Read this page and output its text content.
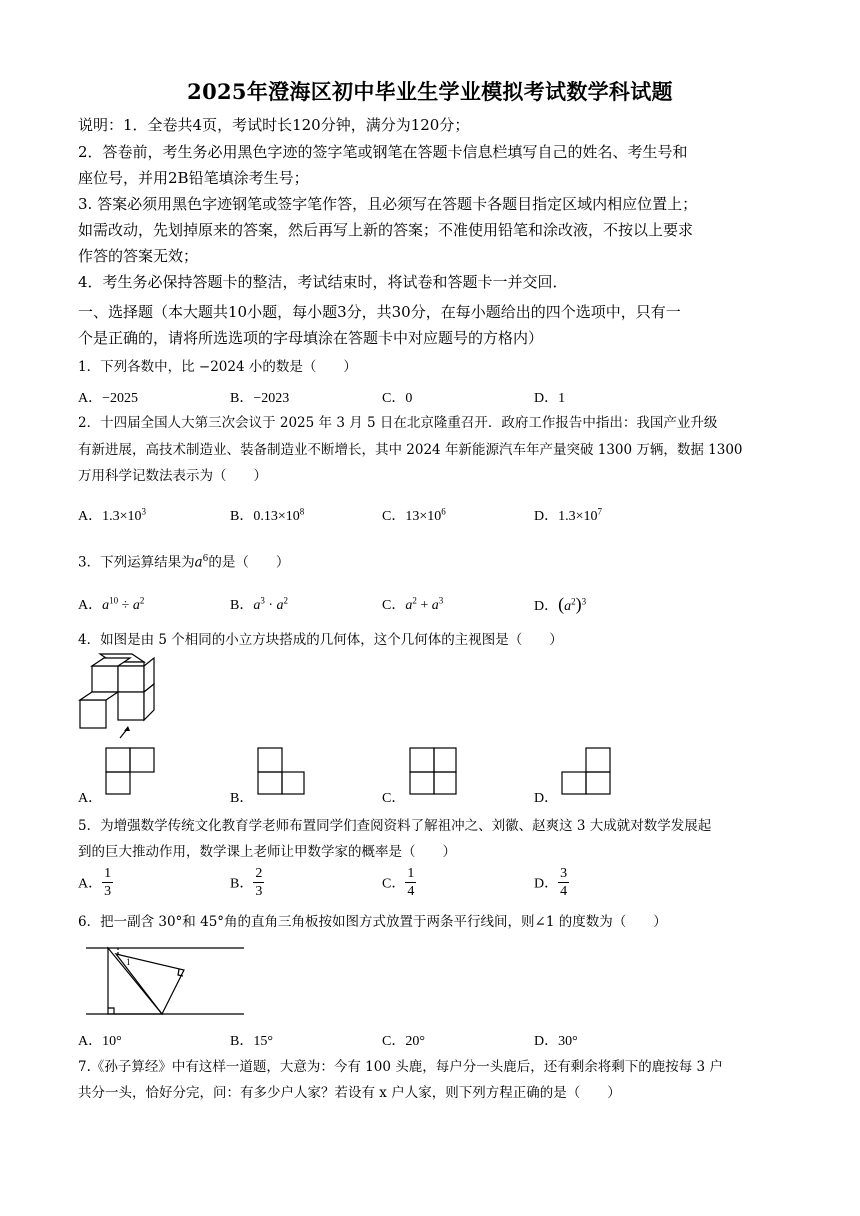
2025年澄海区初中毕业生学业模拟考试数学科试题
说明：1．全卷共4页，考试时长120分钟，满分为120分；
2．答卷前，考生务必用黑色字迹的签字笔或钢笔在答题卡信息栏填写自己的姓名、考生号和
座位号，并用2B铅笔填涂考生号；
3. 答案必须用黑色字迹钢笔或签字笔作答，且必须写在答题卡各题目指定区域内相应位置上；
如需改动，先划掉原来的答案，然后再写上新的答案；不准使用铅笔和涂改液，不按以上要求
作答的答案无效；
4．考生务必保持答题卡的整洁，考试结束时，将试卷和答题卡一并交回．
一、选择题（本大题共10小题，每小题3分，共30分，在每小题给出的四个选项中，只有一
个是正确的，请将所选选项的字母填涂在答题卡中对应题号的方格内）
1．下列各数中，比 −2024 小的数是（　　）
A．−2025	B．−2023	C．0	D．1
2．十四届全国人大第三次会议于 2025 年 3 月 5 日在北京隆重召开．政府工作报告中指出：我国产业升级
有新进展，高技术制造业、装备制造业不断增长，其中 2024 年新能源汽车年产量突破 1300 万辆，数据 1300
万用科学记数法表示为（　　）
A．$1.3\times 10^3$	B．$0.13\times 10^8$	C．$13\times 10^6$	D．$1.3\times 10^7$
3．下列运算结果为$a^6$的是（　　）
A．$a^{10} \div a^2$	B．$a^3 \cdot a^2$	C．$a^2 + a^3$	D．$(a^2)^3$
4．如图是由 5 个相同的小立方块搭成的几何体，这个几何体的主视图是（　　）
A．	B．	C．	D．
5．为增强数学传统文化教育学老师布置同学们查阅资料了解祖冲之、刘徽、赵爽这 3 大成就对数学发展起
到的巨大推动作用，数学课上老师让甲数学家的概率是（　　）
A． $\frac{1}{3}$	B． $\frac{2}{3}$	C． $\frac{1}{4}$	D． $\frac{3}{4}$
6．把一副含 30°和 45°角的直角三角板按如图方式放置于两条平行线间，则∠1 的度数为（　　）
1
A．10°	B．15°	C．20°	D．30°
7.《孙子算经》中有这样一道题，大意为：今有 100 头鹿，每户分一头鹿后，还有剩余将剩下的鹿按每 3 户
共分一头，恰好分完，问：有多少户人家？若设有 x 户人家，则下列方程正确的是（　　）
